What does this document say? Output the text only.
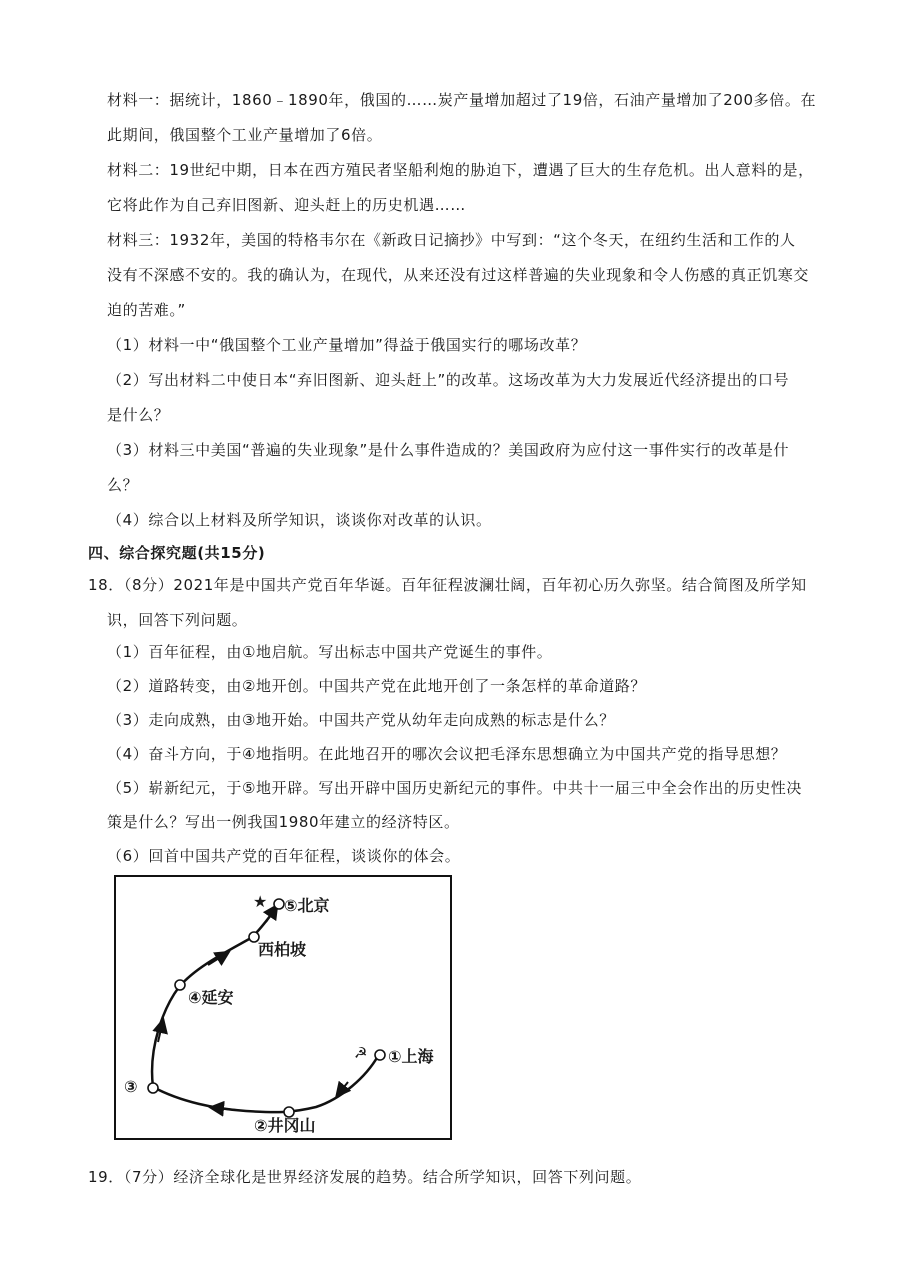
材料一：据统计，1860﹣1890年，俄国的……炭产量增加超过了19倍，石油产量增加了200多倍。在
此期间，俄国整个工业产量增加了6倍。
材料二：19世纪中期，日本在西方殖民者坚船利炮的胁迫下，遭遇了巨大的生存危机。出人意料的是，
它将此作为自己弃旧图新、迎头赶上的历史机遇……
材料三：1932年，美国的特格韦尔在《新政日记摘抄》中写到：“这个冬天，在纽约生活和工作的人
没有不深感不安的。我的确认为，在现代，从来还没有过这样普遍的失业现象和令人伤感的真正饥寒交
迫的苦难。”
（1）材料一中“俄国整个工业产量增加”得益于俄国实行的哪场改革？
（2）写出材料二中使日本“弃旧图新、迎头赶上”的改革。这场改革为大力发展近代经济提出的口号
是什么？
（3）材料三中美国“普遍的失业现象”是什么事件造成的？美国政府为应付这一事件实行的改革是什
么？
（4）综合以上材料及所学知识，谈谈你对改革的认识。
四、综合探究题(共15分)
18．（8分）2021年是中国共产党百年华诞。百年征程波澜壮阔，百年初心历久弥坚。结合简图及所学知
识，回答下列问题。
（1）百年征程，由①地启航。写出标志中国共产党诞生的事件。
（2）道路转变，由②地开创。中国共产党在此地开创了一条怎样的革命道路？
（3）走向成熟，由③地开始。中国共产党从幼年走向成熟的标志是什么？
（4）奋斗方向，于④地指明。在此地召开的哪次会议把毛泽东思想确立为中国共产党的指导思想？
（5）崭新纪元，于⑤地开辟。写出开辟中国历史新纪元的事件。中共十一届三中全会作出的历史性决
策是什么？写出一例我国1980年建立的经济特区。
（6）回首中国共产党的百年征程，谈谈你的体会。
19．（7分）经济全球化是世界经济发展的趋势。结合所学知识，回答下列问题。
★ ⑤北京
西柏坡
④延安
☭ ①上海
③
②井冈山
